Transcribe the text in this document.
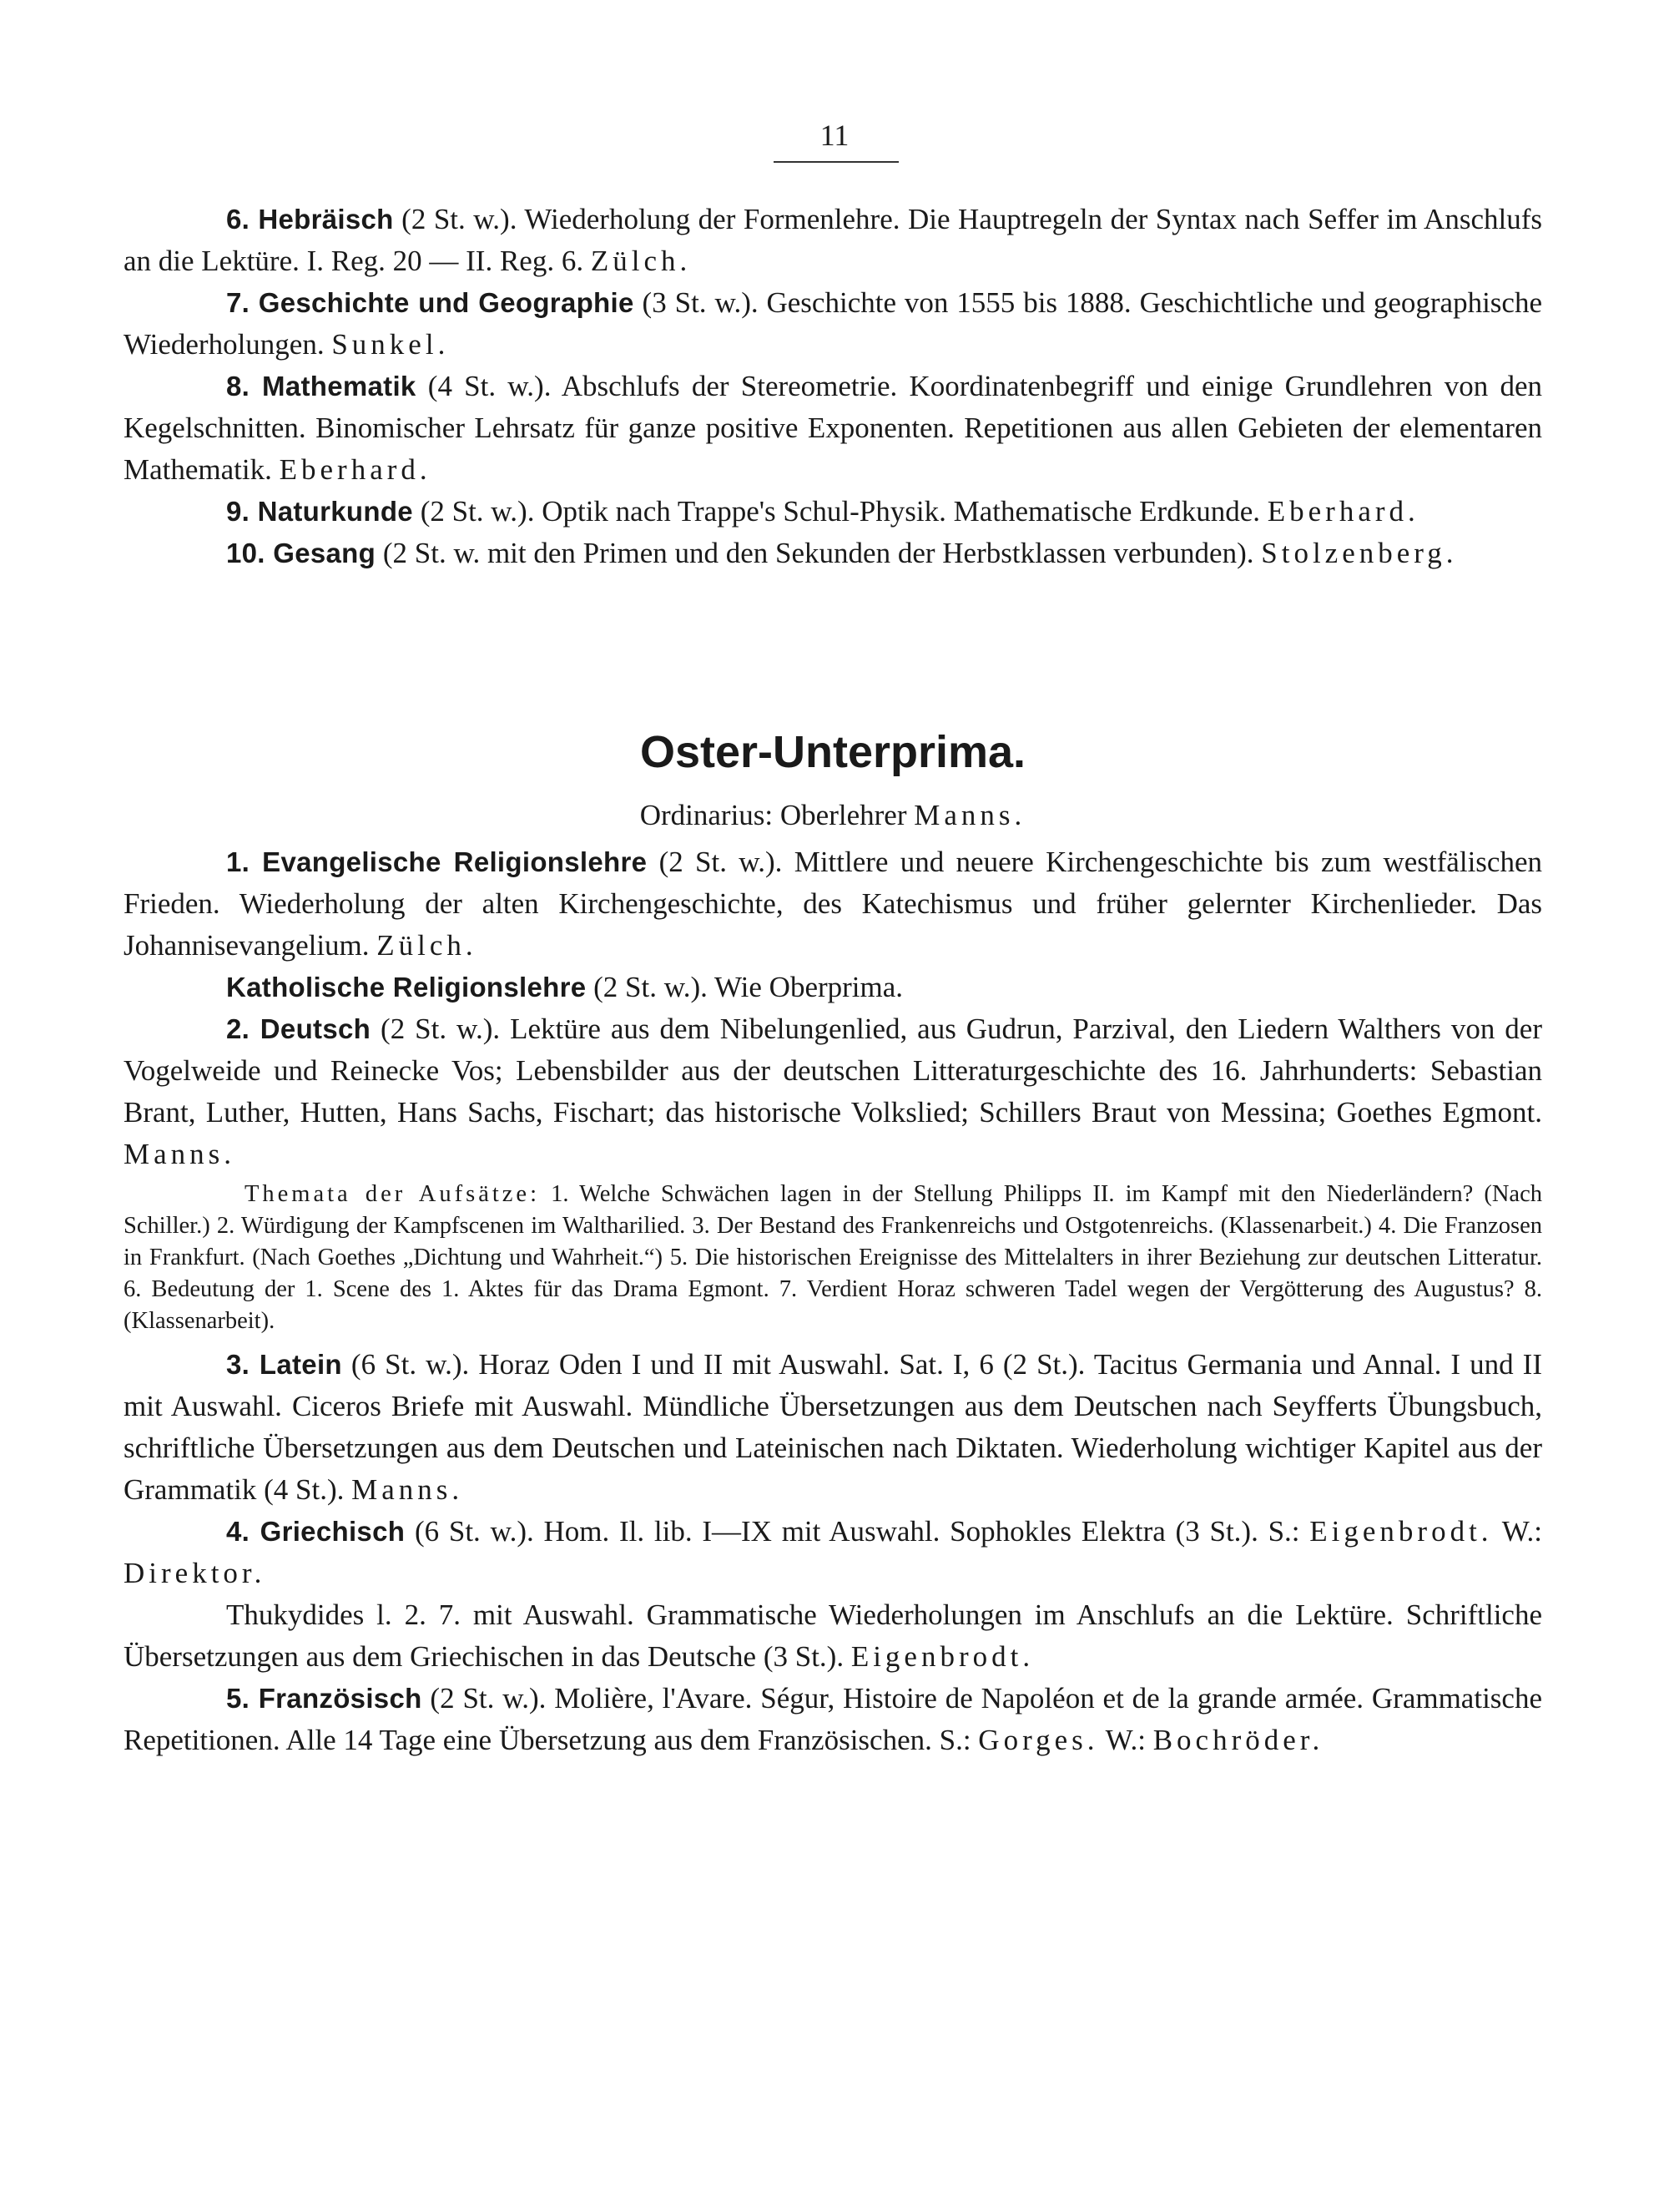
11

6. Hebräisch (2 St. w.). Wiederholung der Formenlehre. Die Hauptregeln der Syntax nach Seffer im Anschlufs an die Lektüre. I. Reg. 20 — II. Reg. 6. Zülch.

7. Geschichte und Geographie (3 St. w.). Geschichte von 1555 bis 1888. Geschichtliche und geographische Wiederholungen. Sunkel.

8. Mathematik (4 St. w.). Abschlufs der Stereometrie. Koordinatenbegriff und einige Grundlehren von den Kegelschnitten. Binomischer Lehrsatz für ganze positive Exponenten. Repetitionen aus allen Gebieten der elementaren Mathematik. Eberhard.

9. Naturkunde (2 St. w.). Optik nach Trappe's Schul-Physik. Mathematische Erdkunde. Eberhard.

10. Gesang (2 St. w. mit den Primen und den Sekunden der Herbstklassen verbunden). Stolzenberg.

Oster-Unterprima.

Ordinarius: Oberlehrer Manns.

1. Evangelische Religionslehre (2 St. w.). Mittlere und neuere Kirchengeschichte bis zum westfälischen Frieden. Wiederholung der alten Kirchengeschichte, des Katechismus und früher gelernter Kirchenlieder. Das Johannisevangelium. Zülch.

Katholische Religionslehre (2 St. w.). Wie Oberprima.

2. Deutsch (2 St. w.). Lektüre aus dem Nibelungenlied, aus Gudrun, Parzival, den Liedern Walthers von der Vogelweide und Reinecke Vos; Lebensbilder aus der deutschen Litteraturgeschichte des 16. Jahrhunderts: Sebastian Brant, Luther, Hutten, Hans Sachs, Fischart; das historische Volkslied; Schillers Braut von Messina; Goethes Egmont. Manns.

Themata der Aufsätze: 1. Welche Schwächen lagen in der Stellung Philipps II. im Kampf mit den Niederländern? (Nach Schiller.) 2. Würdigung der Kampfscenen im Waltharilied. 3. Der Bestand des Frankenreichs und Ostgotenreichs. (Klassenarbeit.) 4. Die Franzosen in Frankfurt. (Nach Goethes „Dichtung und Wahrheit.“) 5. Die historischen Ereignisse des Mittelalters in ihrer Beziehung zur deutschen Litteratur. 6. Bedeutung der 1. Scene des 1. Aktes für das Drama Egmont. 7. Verdient Horaz schweren Tadel wegen der Vergötterung des Augustus? 8. (Klassenarbeit).

3. Latein (6 St. w.). Horaz Oden I und II mit Auswahl. Sat. I, 6 (2 St.). Tacitus Germania und Annal. I und II mit Auswahl. Ciceros Briefe mit Auswahl. Mündliche Übersetzungen aus dem Deutschen nach Seyfferts Übungsbuch, schriftliche Übersetzungen aus dem Deutschen und Lateinischen nach Diktaten. Wiederholung wichtiger Kapitel aus der Grammatik (4 St.). Manns.

4. Griechisch (6 St. w.). Hom. Il. lib. I—IX mit Auswahl. Sophokles Elektra (3 St.). S.: Eigenbrodt. W.: Direktor.

Thukydides l. 2. 7. mit Auswahl. Grammatische Wiederholungen im Anschlufs an die Lektüre. Schriftliche Übersetzungen aus dem Griechischen in das Deutsche (3 St.). Eigenbrodt.

5. Französisch (2 St. w.). Molière, l'Avare. Ségur, Histoire de Napoléon et de la grande armée. Grammatische Repetitionen. Alle 14 Tage eine Übersetzung aus dem Französischen. S.: Gorges. W.: Bochröder.
